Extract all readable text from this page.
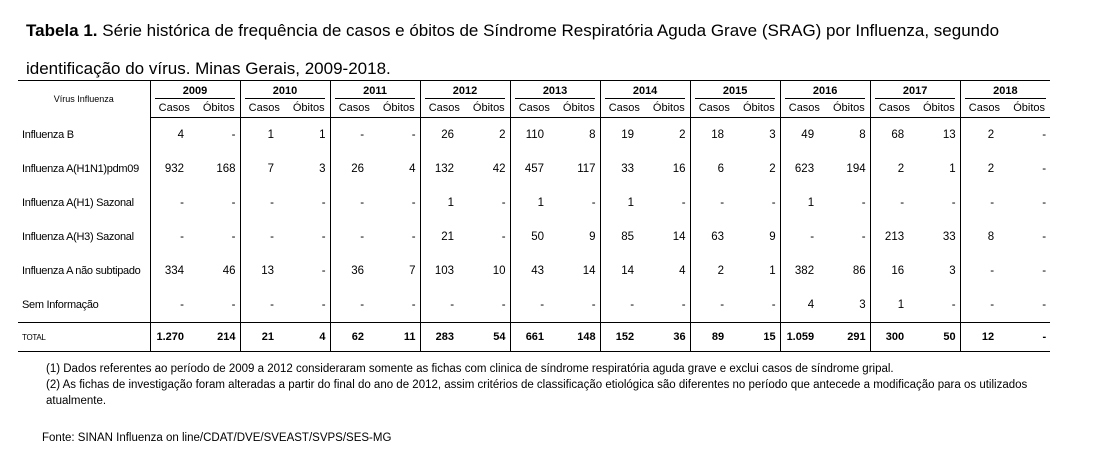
Tabela 1. Série histórica de frequência de casos e óbitos de Síndrome Respiratória Aguda Grave (SRAG) por Influenza, segundo identificação do vírus. Minas Gerais, 2009-2018.
Vírus Influenza	2009		2010		2011		2012		2013		2014		2015		2016		2017		2018	
	Casos	Óbitos	Casos	Óbitos	Casos	Óbitos	Casos	Óbitos	Casos	Óbitos	Casos	Óbitos	Casos	Óbitos	Casos	Óbitos	Casos	Óbitos	Casos	Óbitos
Influenza B	4	-	1	1	-	-	26	2	110	8	19	2	18	3	49	8	68	13	2	-
Influenza A(H1N1)pdm09	932	168	7	3	26	4	132	42	457	117	33	16	6	2	623	194	2	1	2	-
Influenza A(H1) Sazonal	-	-	-	-	-	-	1	-	1	-	1	-	-	-	1	-	-	-	-	-
Influenza A(H3) Sazonal	-	-	-	-	-	-	21	-	50	9	85	14	63	9	-	-	213	33	8	-
Influenza A não subtipado	334	46	13	-	36	7	103	10	43	14	14	4	2	1	382	86	16	3	-	-
Sem Informação	-	-	-	-	-	-	-	-	-	-	-	-	-	-	4	3	1	-	-	-
TOTAL	1.270	214	21	4	62	11	283	54	661	148	152	36	89	15	1.059	291	300	50	12	-

(1) Dados referentes ao período de 2009 a 2012 consideraram somente as fichas com clinica de síndrome respiratória aguda grave e exclui casos de síndrome gripal.

(2) As fichas de investigação foram alteradas a partir do final do ano de 2012, assim critérios de classificação etiológica são diferentes no período que antecede a modificação para os utilizados atualmente.

Fonte: SINAN Influenza on line/CDAT/DVE/SVEAST/SVPS/SES-MG
